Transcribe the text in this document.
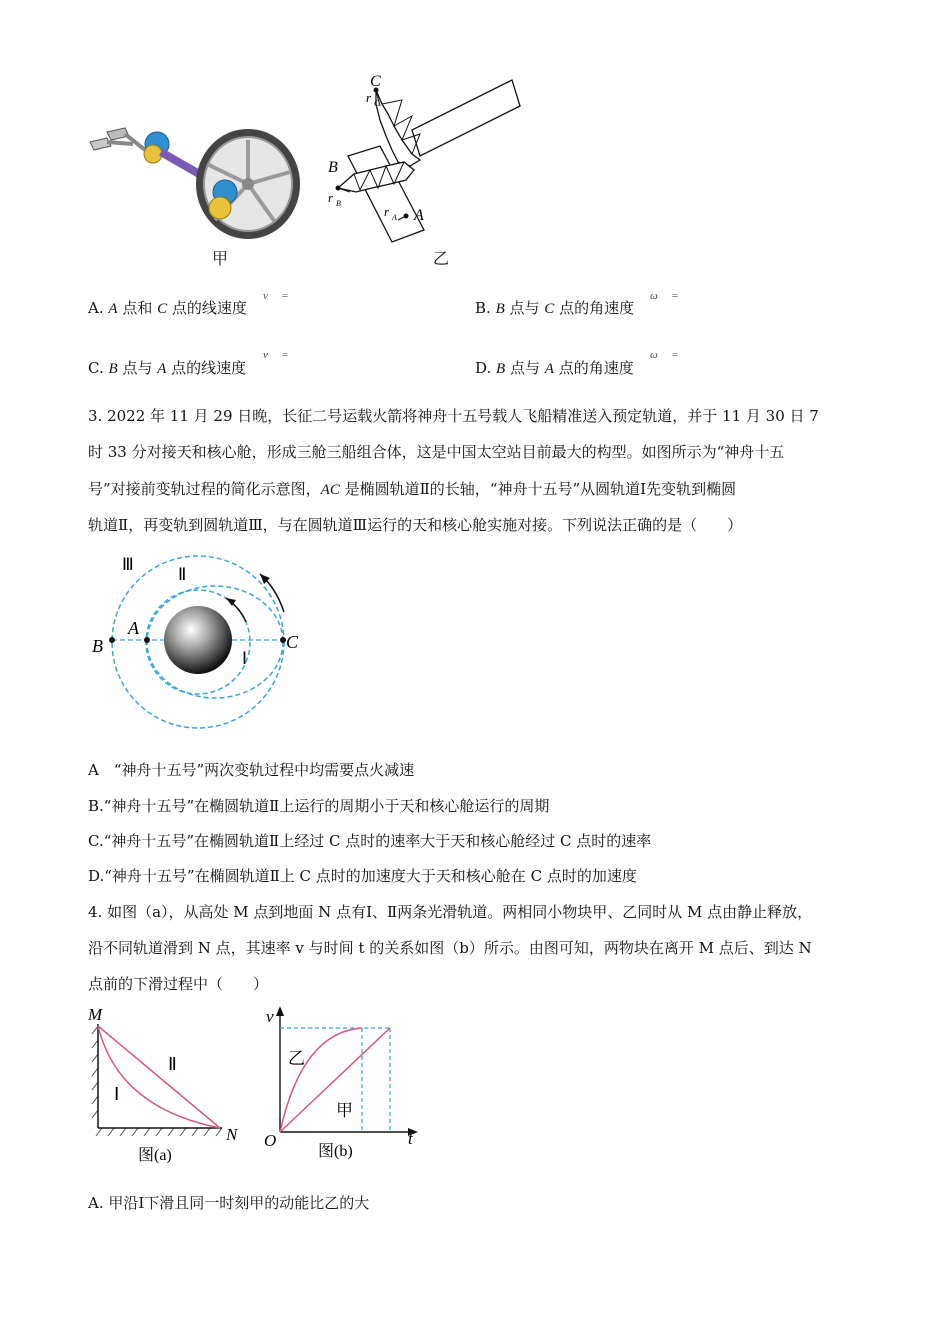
甲
C
r C
B
r B
r A A
乙
A. A 点和 C 点的线速度
v =
B. B 点与 C 点的角速度
ω =
C. B 点与 A 点的线速度
v =
D. B 点与 A 点的角速度
ω =
3. 2022 年 11 月 29 日晚，长征二号运载火箭将神舟十五号载人飞船精准送入预定轨道，并于 11 月 30 日 7
时 33 分对接天和核心舱，形成三舱三船组合体，这是中国太空站目前最大的构型。如图所示为“神舟十五
号”对接前变轨过程的简化示意图，AC 是椭圆轨道Ⅱ的长轴，“神舟十五号”从圆轨道Ⅰ先变轨到椭圆
轨道Ⅱ，再变轨到圆轨道Ⅲ，与在圆轨道Ⅲ运行的天和核心舱实施对接。下列说法正确的是（　　）
Ⅲ
Ⅱ
Ⅰ
B
A
C
A　“神舟十五号”两次变轨过程中均需要点火减速
B.“神舟十五号”在椭圆轨道Ⅱ上运行的周期小于天和核心舱运行的周期
C.“神舟十五号”在椭圆轨道Ⅱ上经过 C 点时的速率大于天和核心舱经过 C 点时的速率
D.“神舟十五号”在椭圆轨道Ⅱ上 C 点时的加速度大于天和核心舱在 C 点时的加速度
4. 如图（a），从高处 M 点到地面 N 点有Ⅰ、Ⅱ两条光滑轨道。两相同小物块甲、乙同时从 M 点由静止释放，
沿不同轨道滑到 N 点，其速率 v 与时间 t 的关系如图（b）所示。由图可知，两物块在离开 M 点后、到达 N
点前的下滑过程中（　　）
M
N
Ⅰ
Ⅱ
图(a)
v
t
O
乙
甲
图(b)
A. 甲沿Ⅰ下滑且同一时刻甲的动能比乙的大
